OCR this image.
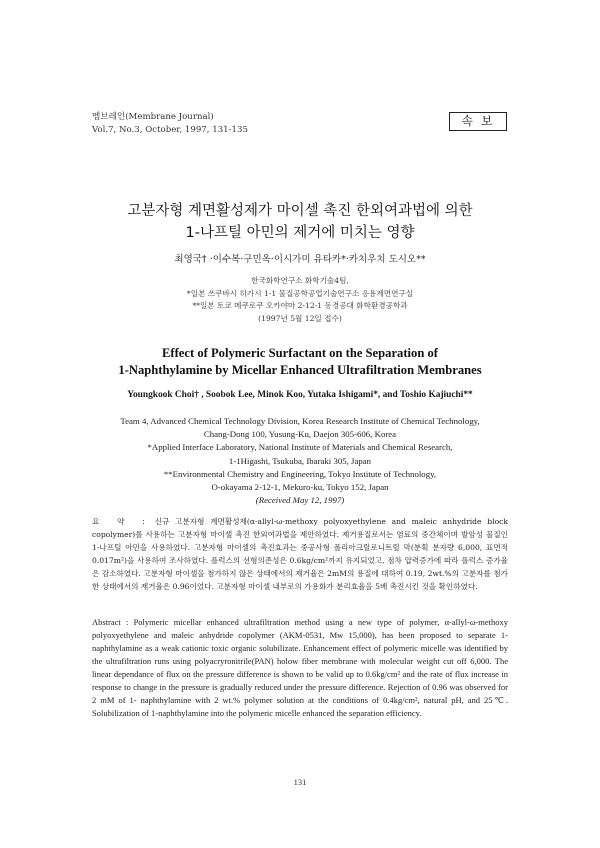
멤브레인(Membrane Journal)
Vol.7, No.3, October, 1997, 131-135
속보
고분자형 계면활성제가 마이셀 촉진 한외여과법에 의한
1-나프틸 아민의 제거에 미치는 영향
최영국† ·이수복·구민옥·이시가미 유타카*·카치우치 도시오**
한국화학연구소 화학기술4팀,
*일본 쓰쿠바시 히가시 1-1 물질공학공업기술연구소 응용계면연구실
**일본 토쿄 메쿠로쿠 오카야마 2-12-1 동경공대 화학환경공학과
(1997년 5월 12일 접수)
Effect of Polymeric Surfactant on the Separation of
1-Naphthylamine by Micellar Enhanced Ultrafiltration Membranes
Youngkook Choi† , Soobok Lee, Minok Koo, Yutaka Ishigami*, and Toshio Kajiuchi**
Team 4, Advanced Chemical Technology Division, Korea Research Institute of Chemical Technology,
Chang-Dong 100, Yusung-Ku, Daejon 305-606, Korea
*Applied Interface Laboratory, National Institute of Materials and Chemical Research,
1-1Higashi, Tsukuba, Ibaraki 305, Japan
**Environmental Chemistry and Engineering, Tokyo Institute of Technology,
O-okayama 2-12-1, Mekuro-ku, Tokyo 152, Japan
(Received May 12, 1997)
요 약 : 신규 고분자형 계면활성제(α-allyl-ω-methoxy polyoxyethylene and maleic anhydride block copolymer)를 사용하는 고분자형 마이셀 촉진 한외여과법을 제안하였다. 제거용질로서는 염료의 중간체이며 발암성 물질인 1-나프틸 아민을 사용하였다. 고분자형 마이셀의 촉진효과는 중공사형 폴리아크릴로니트릴 막(분획 분자량 6,000, 표면적 0.017m²)을 사용하여 조사하였다. 플럭스의 선형의존성은 0.6kg/cm²까지 유지되었고, 점차 압력증가에 따라 플럭스 증가율은 감소하였다. 고분자형 마이셀을 첨가하지 않은 상태에서의 제거율은 2mM의 용질에 대하여 0.19, 2wt.%의 고분자를 첨가한 상태에서의 제거율은 0.96이었다. 고분자형 마이셀 내부로의 가용화가 분리효율을 5배 촉진시킨 것을 확인하였다.
Abstract : Polymeric micellar enhanced ultrafiltration method using a new type of polymer, α-allyl-ω-methoxy polyoxyethylene and maleic anhydride copolymer (AKM-0531, Mw 15,000), has been proposed to separate 1-naphthylamine as a weak cationic toxic organic solubilizate. Enhancement effect of polymeric micelle was identified by the ultrafiltration runs using polyacryronitrile(PAN) holow fiber membrane with molecular weight cut off 6,000. The linear dependance of flux on the pressure difference is shown to be valid up to 0.6kg/cm² and the rate of flux increase in response to change in the pressure is gradually reduced under the pressure difference. Rejection of 0.96 was observed for 2 mM of 1- naphthylamine with 2 wt.% polymer solution at the conditions of 0.4kg/cm², natural pH, and 25℃. Solubilization of 1-naphthylamine into the polymeric micelle enhanced the separation efficiency.
131
